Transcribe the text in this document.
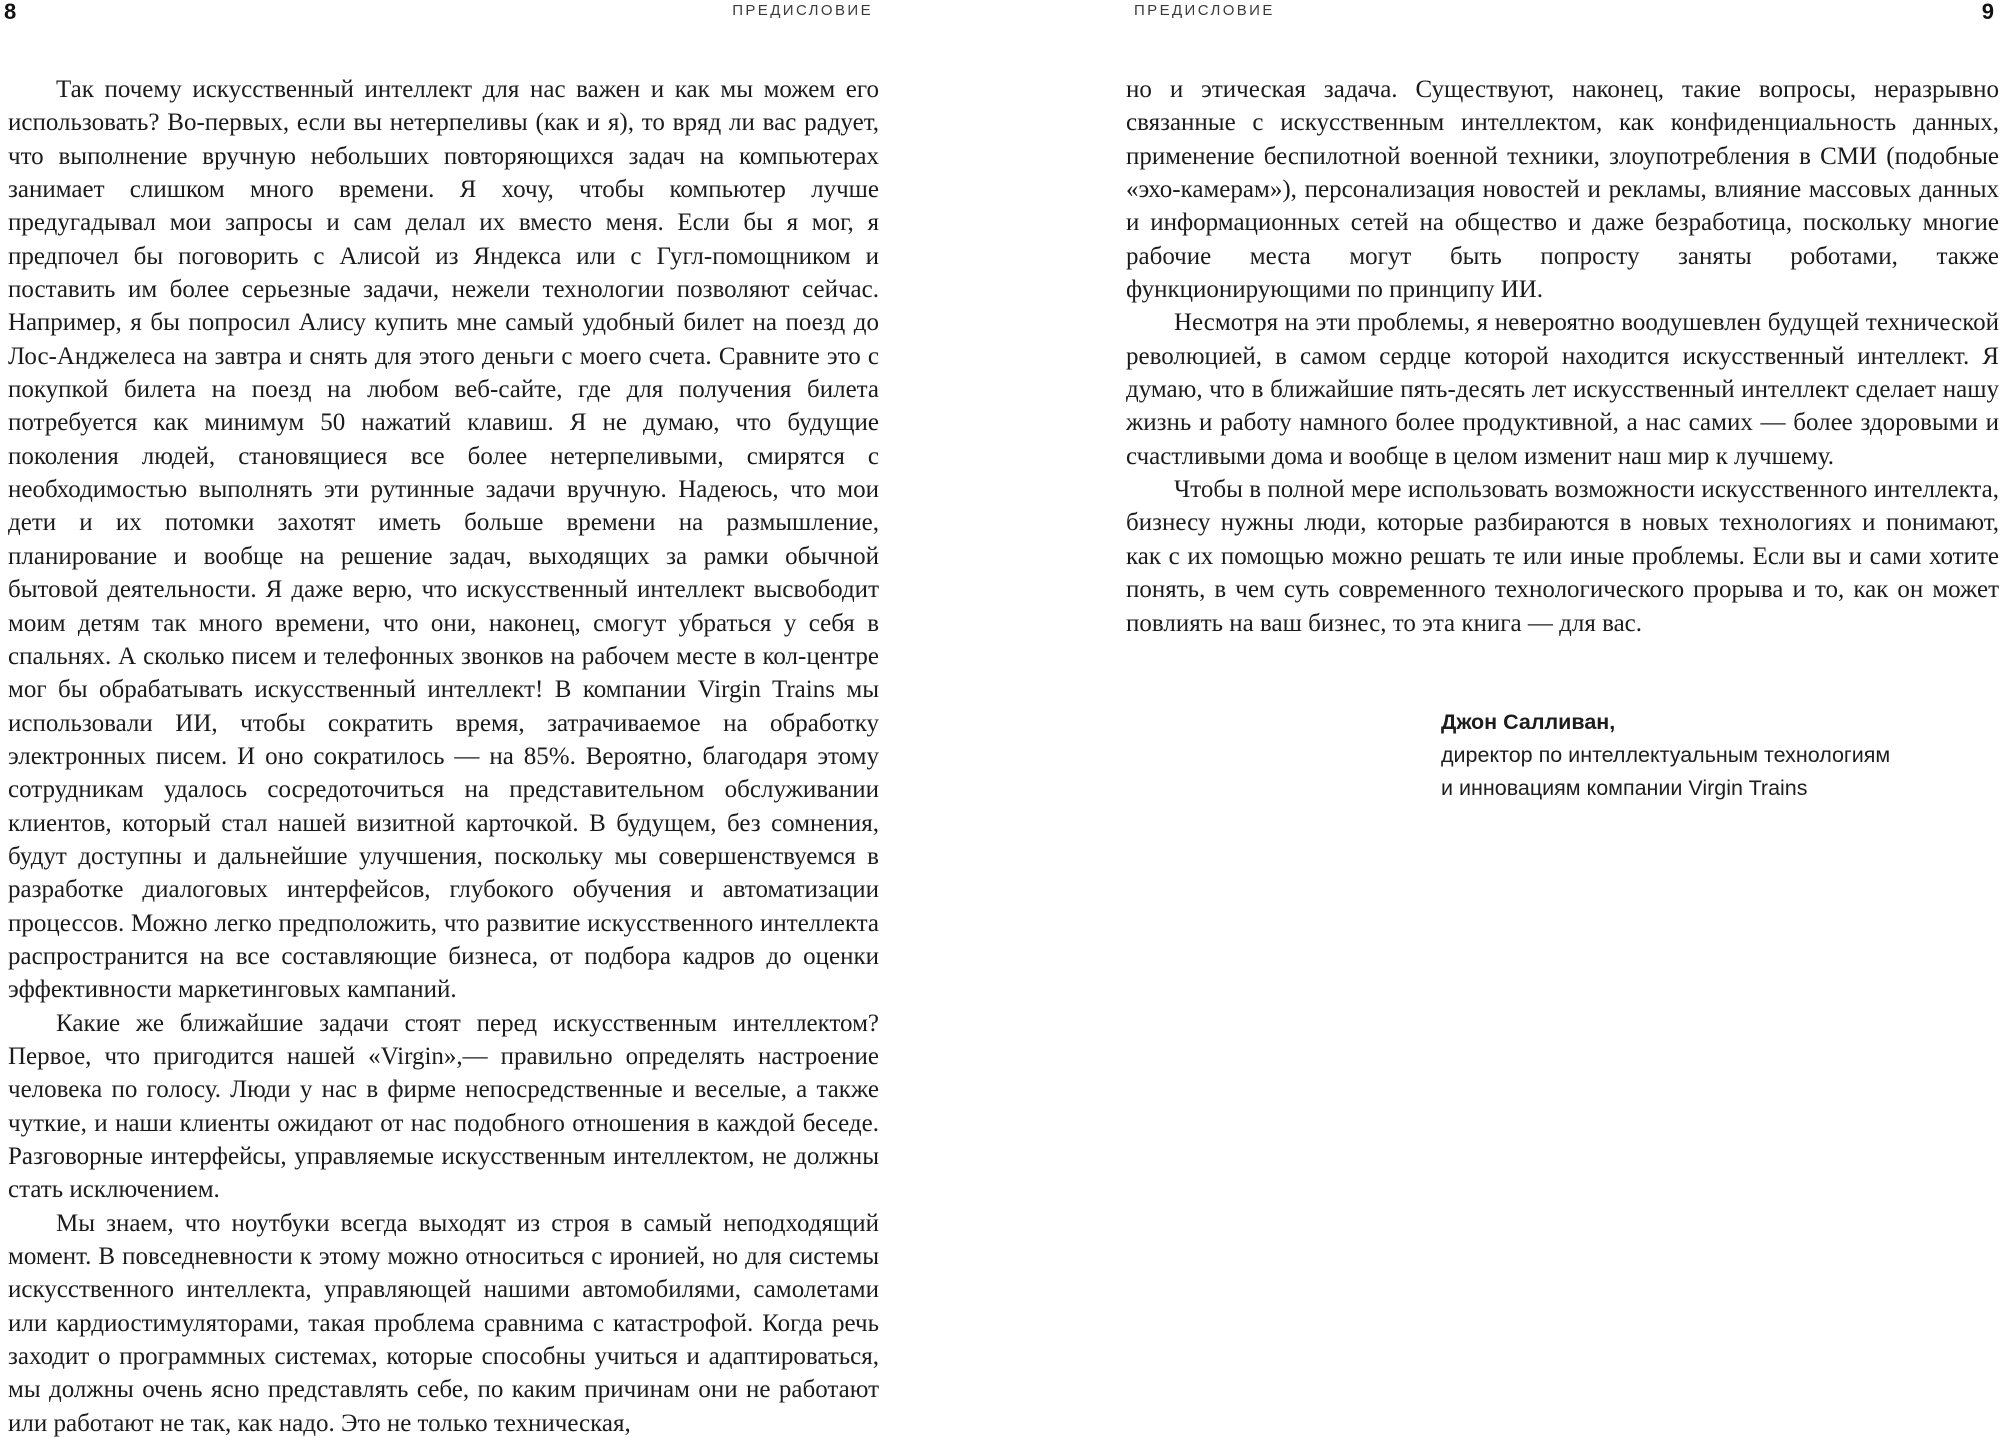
8	ПРЕДИСЛОВИЕ

Так почему искусственный интеллект для нас важен и как мы можем его использовать? Во-первых, если вы нетерпеливы (как и я), то вряд ли вас радует, что выполнение вручную небольших повторяющихся задач на компьютерах занимает слишком много времени. Я хочу, чтобы компьютер лучше предугадывал мои запросы и сам делал их вместо меня. Если бы я мог, я предпочел бы поговорить с Алисой из Яндекса или с Гугл-помощником и поставить им более серьезные задачи, нежели технологии позволяют сейчас. Например, я бы попросил Алису купить мне самый удобный билет на поезд до Лос-Анджелеса на завтра и снять для этого деньги с моего счета. Сравните это с покупкой билета на поезд на любом веб-сайте, где для получения билета потребуется как минимум 50 нажатий клавиш. Я не думаю, что будущие поколения людей, становящиеся все более нетерпеливыми, смирятся с необходимостью выполнять эти рутинные задачи вручную. Надеюсь, что мои дети и их потомки захотят иметь больше времени на размышление, планирование и вообще на решение задач, выходящих за рамки обычной бытовой деятельности. Я даже верю, что искусственный интеллект высвободит моим детям так много времени, что они, наконец, смогут убраться у себя в спальнях. А сколько писем и телефонных звонков на рабочем месте в кол-центре мог бы обрабатывать искусственный интеллект! В компании Virgin Trains мы использовали ИИ, чтобы сократить время, затрачиваемое на обработку электронных писем. И оно сократилось — на 85%. Вероятно, благодаря этому сотрудникам удалось сосредоточиться на представительном обслуживании клиентов, который стал нашей визитной карточкой. В будущем, без сомнения, будут доступны и дальнейшие улучшения, поскольку мы совершенствуемся в разработке диалоговых интерфейсов, глубокого обучения и автоматизации процессов. Можно легко предположить, что развитие искусственного интеллекта распространится на все составляющие бизнеса, от подбора кадров до оценки эффективности маркетинговых кампаний.

Какие же ближайшие задачи стоят перед искусственным интеллектом? Первое, что пригодится нашей «Virgin»,— правильно определять настроение человека по голосу. Люди у нас в фирме непосредственные и веселые, а также чуткие, и наши клиенты ожидают от нас подобного отношения в каждой беседе. Разговорные интерфейсы, управляемые искусственным интеллектом, не должны стать исключением.

Мы знаем, что ноутбуки всегда выходят из строя в самый неподходящий момент. В повседневности к этому можно относиться с иронией, но для системы искусственного интеллекта, управляющей нашими автомобилями, самолетами или кардиостимуляторами, такая проблема сравнима с катастрофой. Когда речь заходит о программных системах, которые способны учиться и адаптироваться, мы должны очень ясно представлять себе, по каким причинам они не работают или работают не так, как надо. Это не только техническая,

9
ПРЕДИСЛОВИЕ

но и этическая задача. Существуют, наконец, такие вопросы, неразрывно связанные с искусственным интеллектом, как конфиденциальность данных, применение беспилотной военной техники, злоупотребления в СМИ (подобные «эхо-камерам»), персонализация новостей и рекламы, влияние массовых данных и информационных сетей на общество и даже безработица, поскольку многие рабочие места могут быть попросту заняты роботами, также функционирующими по принципу ИИ.

Несмотря на эти проблемы, я невероятно воодушевлен будущей технической революцией, в самом сердце которой находится искусственный интеллект. Я думаю, что в ближайшие пять-десять лет искусственный интеллект сделает нашу жизнь и работу намного более продуктивной, а нас самих — более здоровыми и счастливыми дома и вообще в целом изменит наш мир к лучшему.

Чтобы в полной мере использовать возможности искусственного интеллекта, бизнесу нужны люди, которые разбираются в новых технологиях и понимают, как с их помощью можно решать те или иные проблемы. Если вы и сами хотите понять, в чем суть современного технологического прорыва и то, как он может повлиять на ваш бизнес, то эта книга — для вас.

Джон Салливан,
директор по интеллектуальным технологиям
и инновациям компании Virgin Trains
